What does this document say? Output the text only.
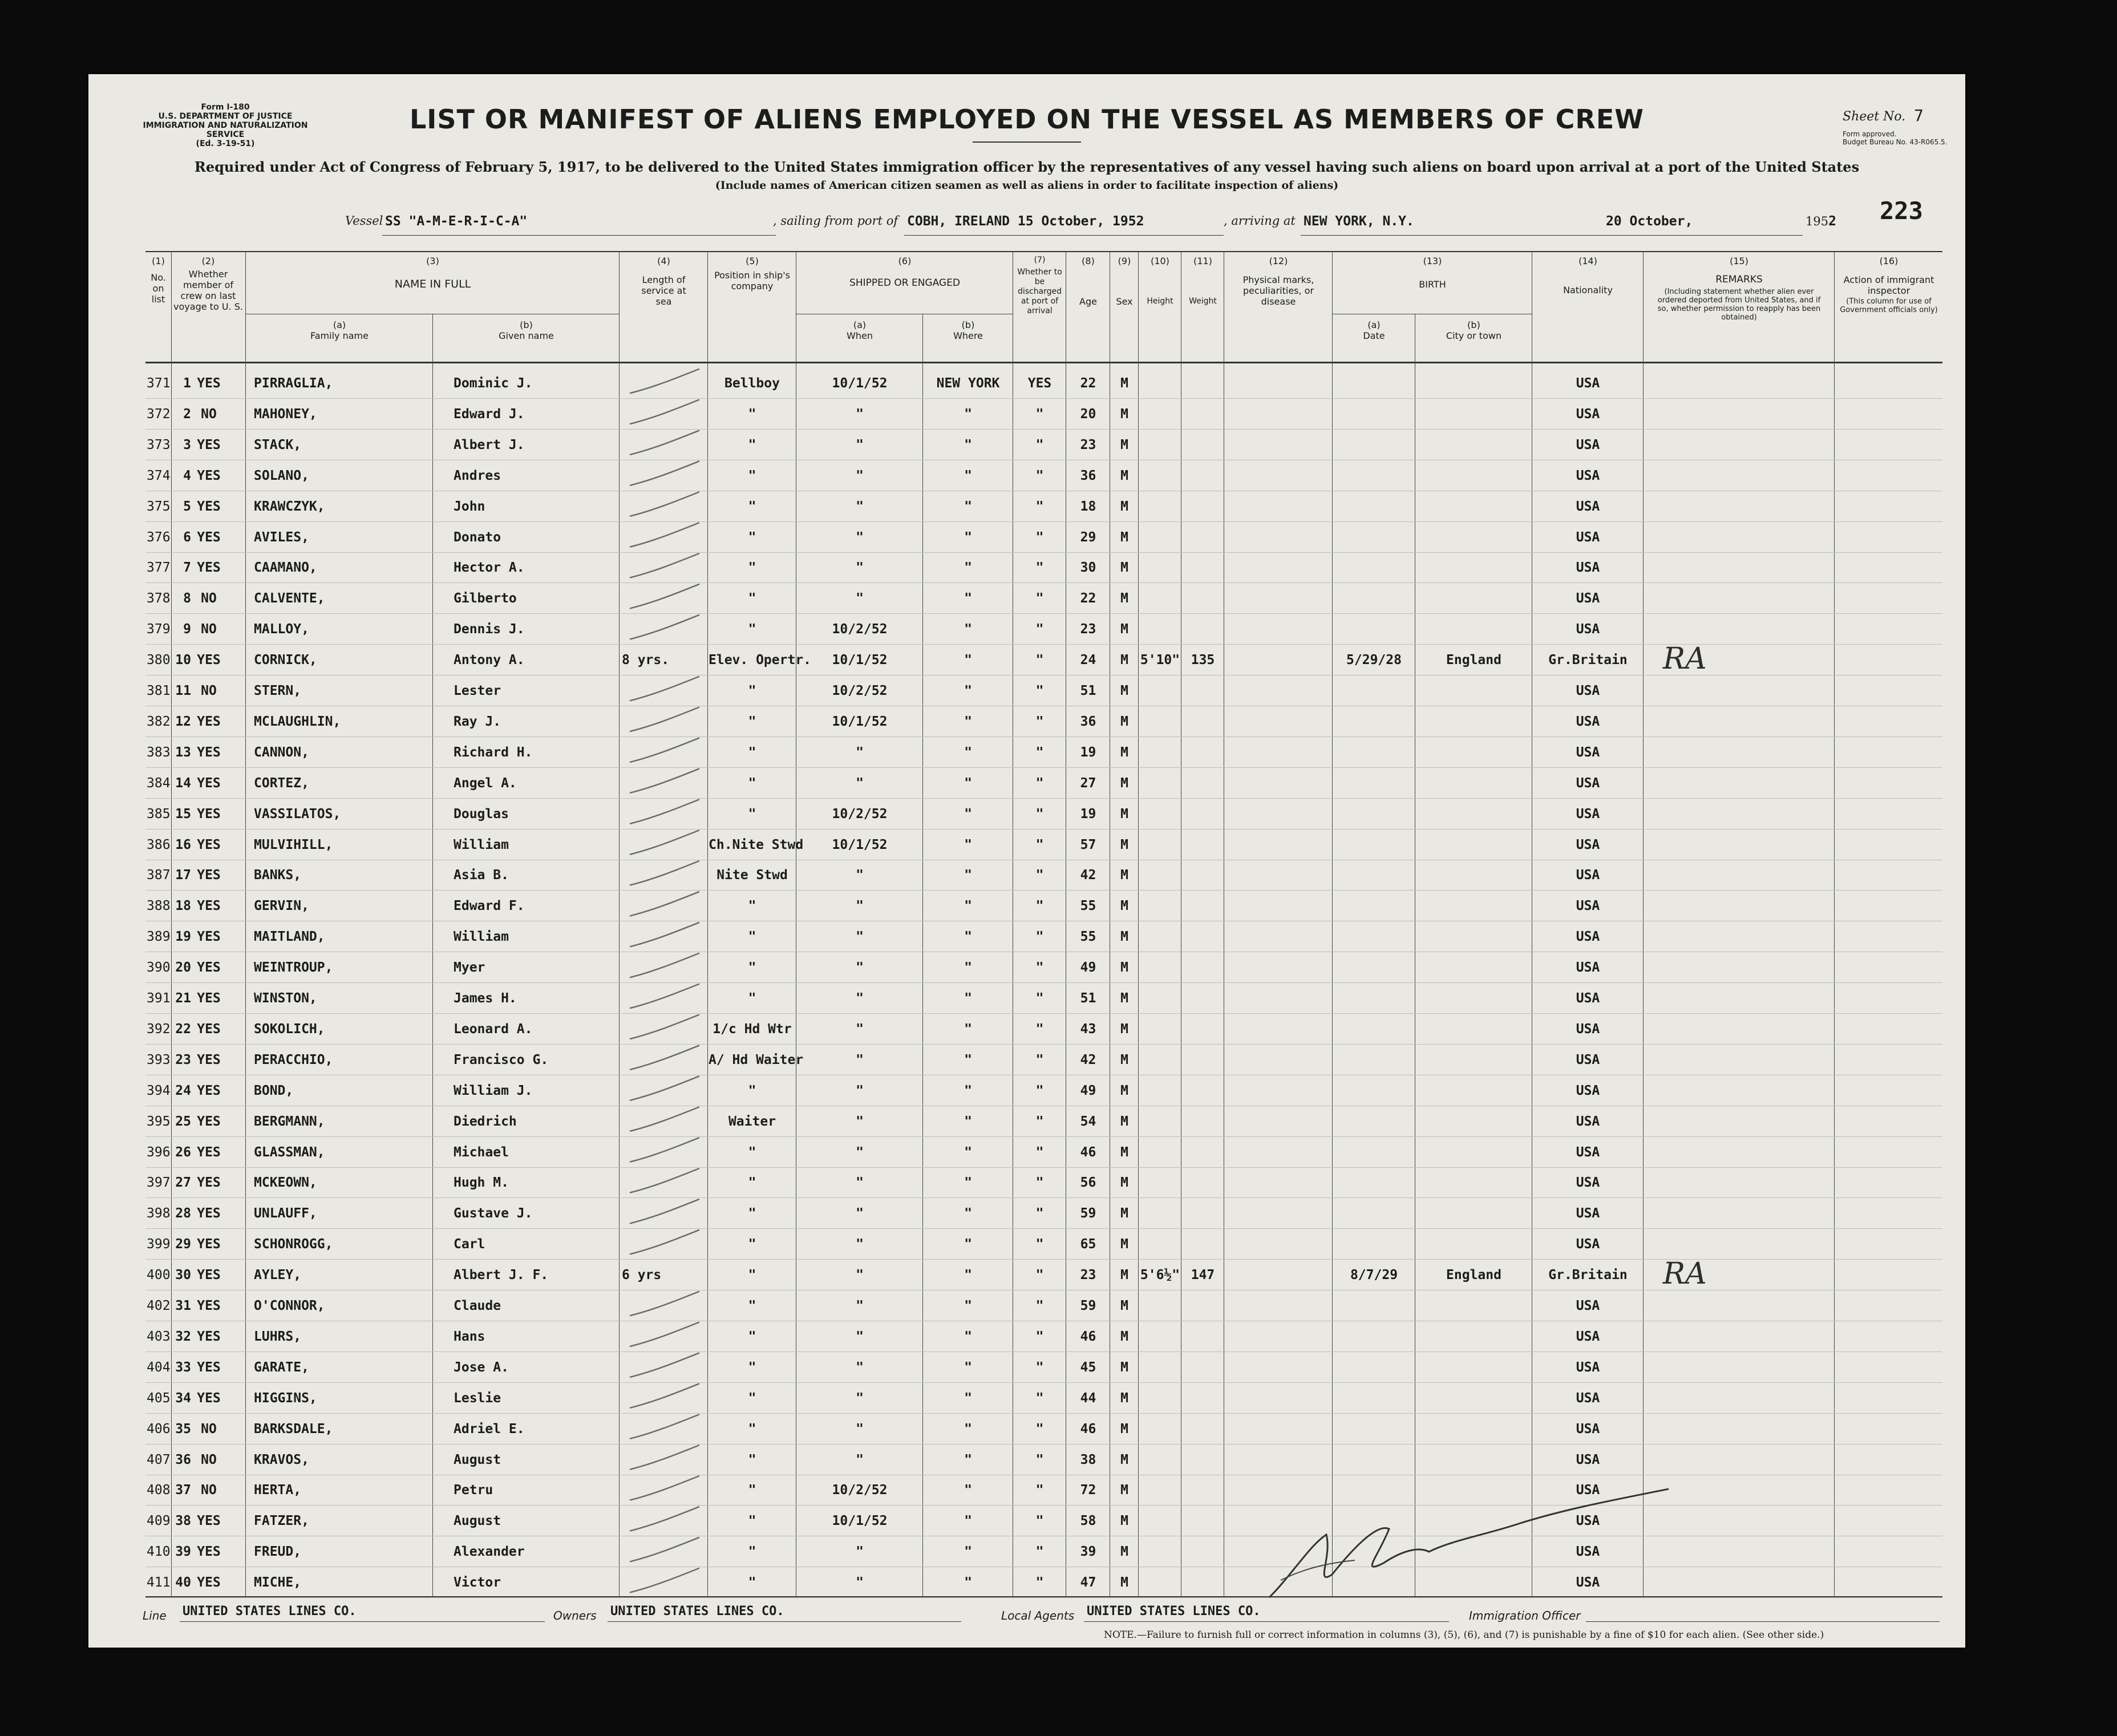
Form I-180
U.S. DEPARTMENT OF JUSTICE
IMMIGRATION AND NATURALIZATION SERVICE
(Ed. 3-19-51)
LIST OR MANIFEST OF ALIENS EMPLOYED ON THE VESSEL AS MEMBERS OF CREW
Required under Act of Congress of February 5, 1917, to be delivered to the United States immigration officer by the representatives of any vessel having such aliens on board upon arrival at a port of the United States
(Include names of American citizen seamen as well as aliens in order to facilitate inspection of aliens)
Sheet No. 7
Form approved.
Budget Bureau No. 43-R065.5.
223
Vessel SS "A-M-E-R-I-C-A"	, sailing from port of COBH, IRELAND 15 October, 1952	, arriving at NEW YORK, N.Y.	20 October,	1952
(1)
No. on list
(2)
Whether member of crew on last voyage to U. S.
(3)
NAME IN FULL
(a)
Family name
(b)
Given name
(4)
Length of service at sea
(5)
Position in ship's company
(6)
SHIPPED OR ENGAGED
(a)
When
(b)
Where
(7)
Whether to be discharged at port of arrival
(8)
Age
(9)
Sex
(10)
Height
(11)
Weight
(12)
Physical marks, peculiarities, or disease
(13)
BIRTH
(a)
Date
(b)
City or town
(14)
Nationality
(15)
REMARKS
(Including statement whether alien ever ordered deported from United States, and if so, whether permission to reapply has been obtained)
(16)
Action of immigrant inspector
(This column for use of Government officials only)
371 1 YES	PIRRAGLIA,	Dominic J.	Bellboy	10/1/52	NEW YORK	YES	22	M	USA
372 2 NO	MAHONEY,	Edward J.	"	"	"	"	20	M	USA
373 3 YES	STACK,	Albert J.	"	"	"	"	23	M	USA
374 4 YES	SOLANO,	Andres	"	"	"	"	36	M	USA
375 5 YES	KRAWCZYK,	John	"	"	"	"	18	M	USA
376 6 YES	AVILES,	Donato	"	"	"	"	29	M	USA
377 7 YES	CAAMANO,	Hector A.	"	"	"	"	30	M	USA
378 8 NO	CALVENTE,	Gilberto	"	"	"	"	22	M	USA
379 9 NO	MALLOY,	Dennis J.	"	10/2/52	"	"	23	M	USA
380 10 YES	CORNICK,	Antony A.	8 yrs.	Elev. Opertr.	10/1/52	"	"	24	M 5'10" 135	5/29/28	England	Gr.Britain	RA
381 11 NO	STERN,	Lester	"	10/2/52	"	"	51	M	USA
382 12 YES	MCLAUGHLIN,	Ray J.	"	10/1/52	"	"	36	M	USA
383 13 YES	CANNON,	Richard H.	"	"	"	"	19	M	USA
384 14 YES	CORTEZ,	Angel A.	"	"	"	"	27	M	USA
385 15 YES	VASSILATOS,	Douglas	"	10/2/52	"	"	19	M	USA
386 16 YES	MULVIHILL,	William	Ch.Nite Stwd	10/1/52	"	"	57	M	USA
387 17 YES	BANKS,	Asia B.	Nite Stwd	"	"	"	42	M	USA
388 18 YES	GERVIN,	Edward F.	"	"	"	"	55	M	USA
389 19 YES	MAITLAND,	William	"	"	"	"	55	M	USA
390 20 YES	WEINTROUP,	Myer	"	"	"	"	49	M	USA
391 21 YES	WINSTON,	James H.	"	"	"	"	51	M	USA
392 22 YES	SOKOLICH,	Leonard A.	1/c Hd Wtr	"	"	"	43	M	USA
393 23 YES	PERACCHIO,	Francisco G.	A/ Hd Waiter	"	"	"	42	M	USA
394 24 YES	BOND,	William J.	"	"	"	"	49	M	USA
395 25 YES	BERGMANN,	Diedrich	Waiter	"	"	"	54	M	USA
396 26 YES	GLASSMAN,	Michael	"	"	"	"	46	M	USA
397 27 YES	MCKEOWN,	Hugh M.	"	"	"	"	56	M	USA
398 28 YES	UNLAUFF,	Gustave J.	"	"	"	"	59	M	USA
399 29 YES	SCHONROGG,	Carl	"	"	"	"	65	M	USA
400 30 YES	AYLEY,	Albert J. F.	6 yrs	"	"	"	"	23	M 5'6½" 147	8/7/29	England	Gr.Britain	RA
402 31 YES	O'CONNOR,	Claude	"	"	"	"	59	M	USA
403 32 YES	LUHRS,	Hans	"	"	"	"	46	M	USA
404 33 YES	GARATE,	Jose A.	"	"	"	"	45	M	USA
405 34 YES	HIGGINS,	Leslie	"	"	"	"	44	M	USA
406 35 NO	BARKSDALE,	Adriel E.	"	"	"	"	46	M	USA
407 36 NO	KRAVOS,	August	"	"	"	"	38	M	USA
408 37 NO	HERTA,	Petru	"	10/2/52	"	"	72	M	USA
409 38 YES	FATZER,	August	"	10/1/52	"	"	58	M	USA
410 39 YES	FREUD,	Alexander	"	"	"	"	39	M	USA
411 40 YES	MICHE,	Victor	"	"	"	"	47	M	USA
Line UNITED STATES LINES CO.	Owners UNITED STATES LINES CO.	Local Agents UNITED STATES LINES CO.	Immigration Officer
NOTE.—Failure to furnish full or correct information in columns (3), (5), (6), and (7) is punishable by a fine of $10 for each alien. (See other side.)
